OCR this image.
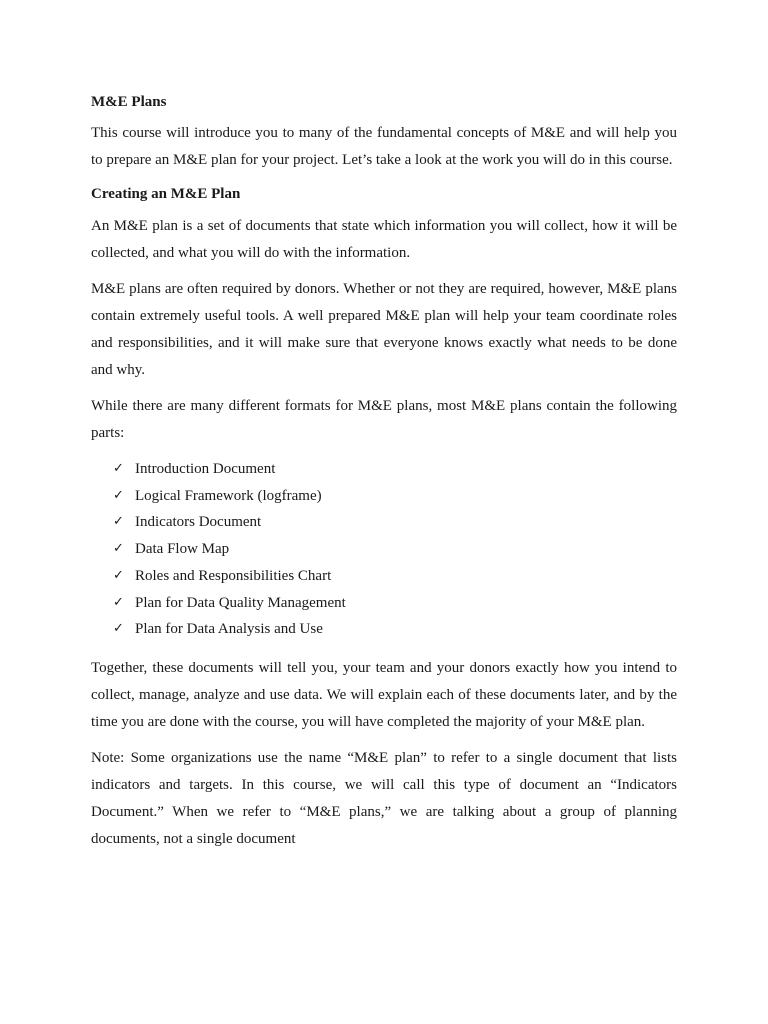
M&E Plans

This course will introduce you to many of the fundamental concepts of M&E and will help you to prepare an M&E plan for your project. Let’s take a look at the work you will do in this course.

Creating an M&E Plan

An M&E plan is a set of documents that state which information you will collect, how it will be collected, and what you will do with the information.

M&E plans are often required by donors. Whether or not they are required, however, M&E plans contain extremely useful tools. A well prepared M&E plan will help your team coordinate roles and responsibilities, and it will make sure that everyone knows exactly what needs to be done and why.

While there are many different formats for M&E plans, most M&E plans contain the following parts:

✓ Introduction Document
✓ Logical Framework (logframe)
✓ Indicators Document
✓ Data Flow Map
✓ Roles and Responsibilities Chart
✓ Plan for Data Quality Management
✓ Plan for Data Analysis and Use

Together, these documents will tell you, your team and your donors exactly how you intend to collect, manage, analyze and use data. We will explain each of these documents later, and by the time you are done with the course, you will have completed the majority of your M&E plan.

Note: Some organizations use the name “M&E plan” to refer to a single document that lists indicators and targets. In this course, we will call this type of document an “Indicators Document.” When we refer to “M&E plans,” we are talking about a group of planning documents, not a single document
